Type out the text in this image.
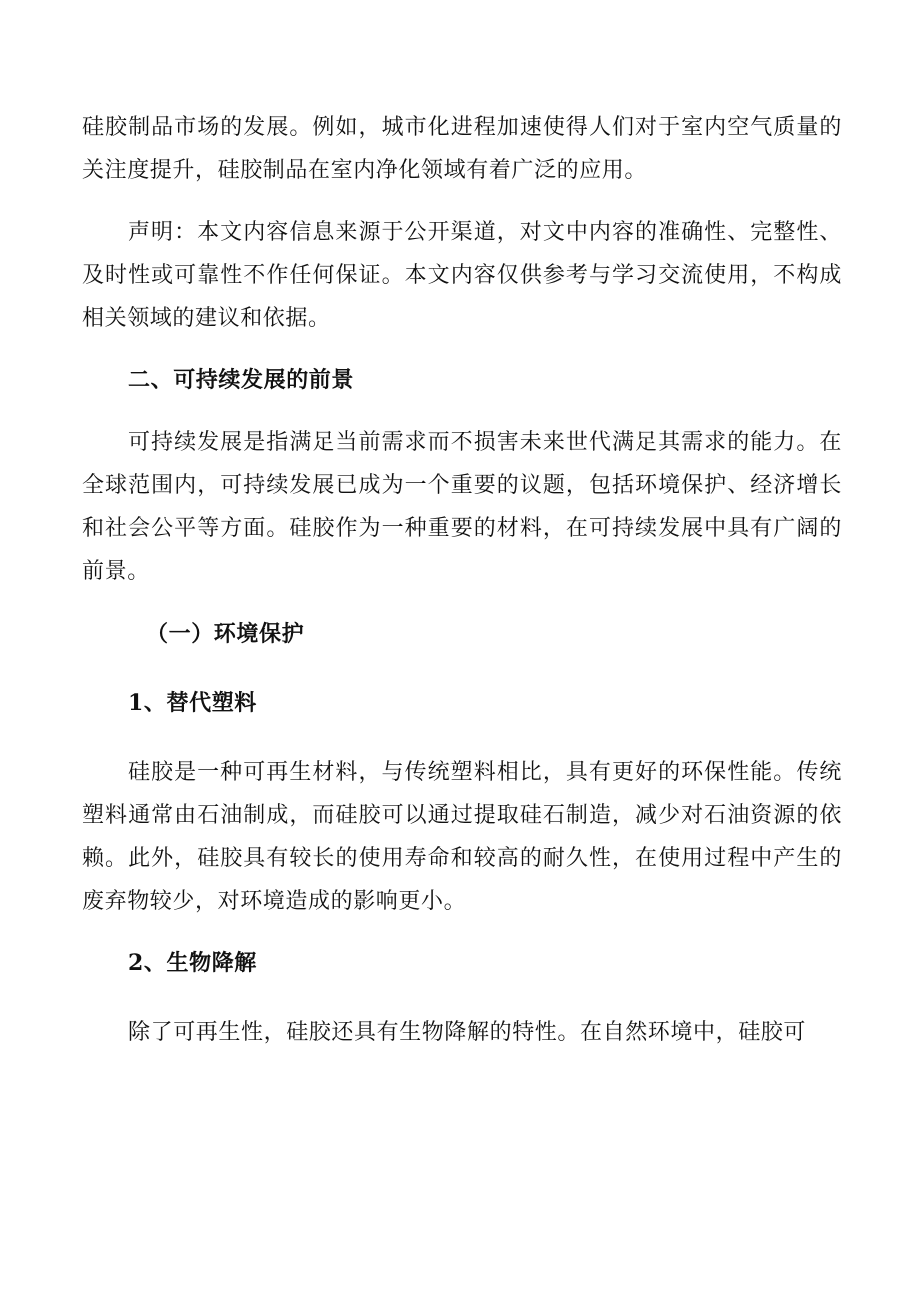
硅胶制品市场的发展。例如，城市化进程加速使得人们对于室内空气质量的关注度提升，硅胶制品在室内净化领域有着广泛的应用。

声明：本文内容信息来源于公开渠道，对文中内容的准确性、完整性、及时性或可靠性不作任何保证。本文内容仅供参考与学习交流使用，不构成相关领域的建议和依据。

二、可持续发展的前景

可持续发展是指满足当前需求而不损害未来世代满足其需求的能力。在全球范围内，可持续发展已成为一个重要的议题，包括环境保护、经济增长和社会公平等方面。硅胶作为一种重要的材料，在可持续发展中具有广阔的前景。

（一）环境保护
1、替代塑料

硅胶是一种可再生材料，与传统塑料相比，具有更好的环保性能。传统塑料通常由石油制成，而硅胶可以通过提取硅石制造，减少对石油资源的依赖。此外，硅胶具有较长的使用寿命和较高的耐久性，在使用过程中产生的废弃物较少，对环境造成的影响更小。

2、生物降解

除了可再生性，硅胶还具有生物降解的特性。在自然环境中，硅胶可
